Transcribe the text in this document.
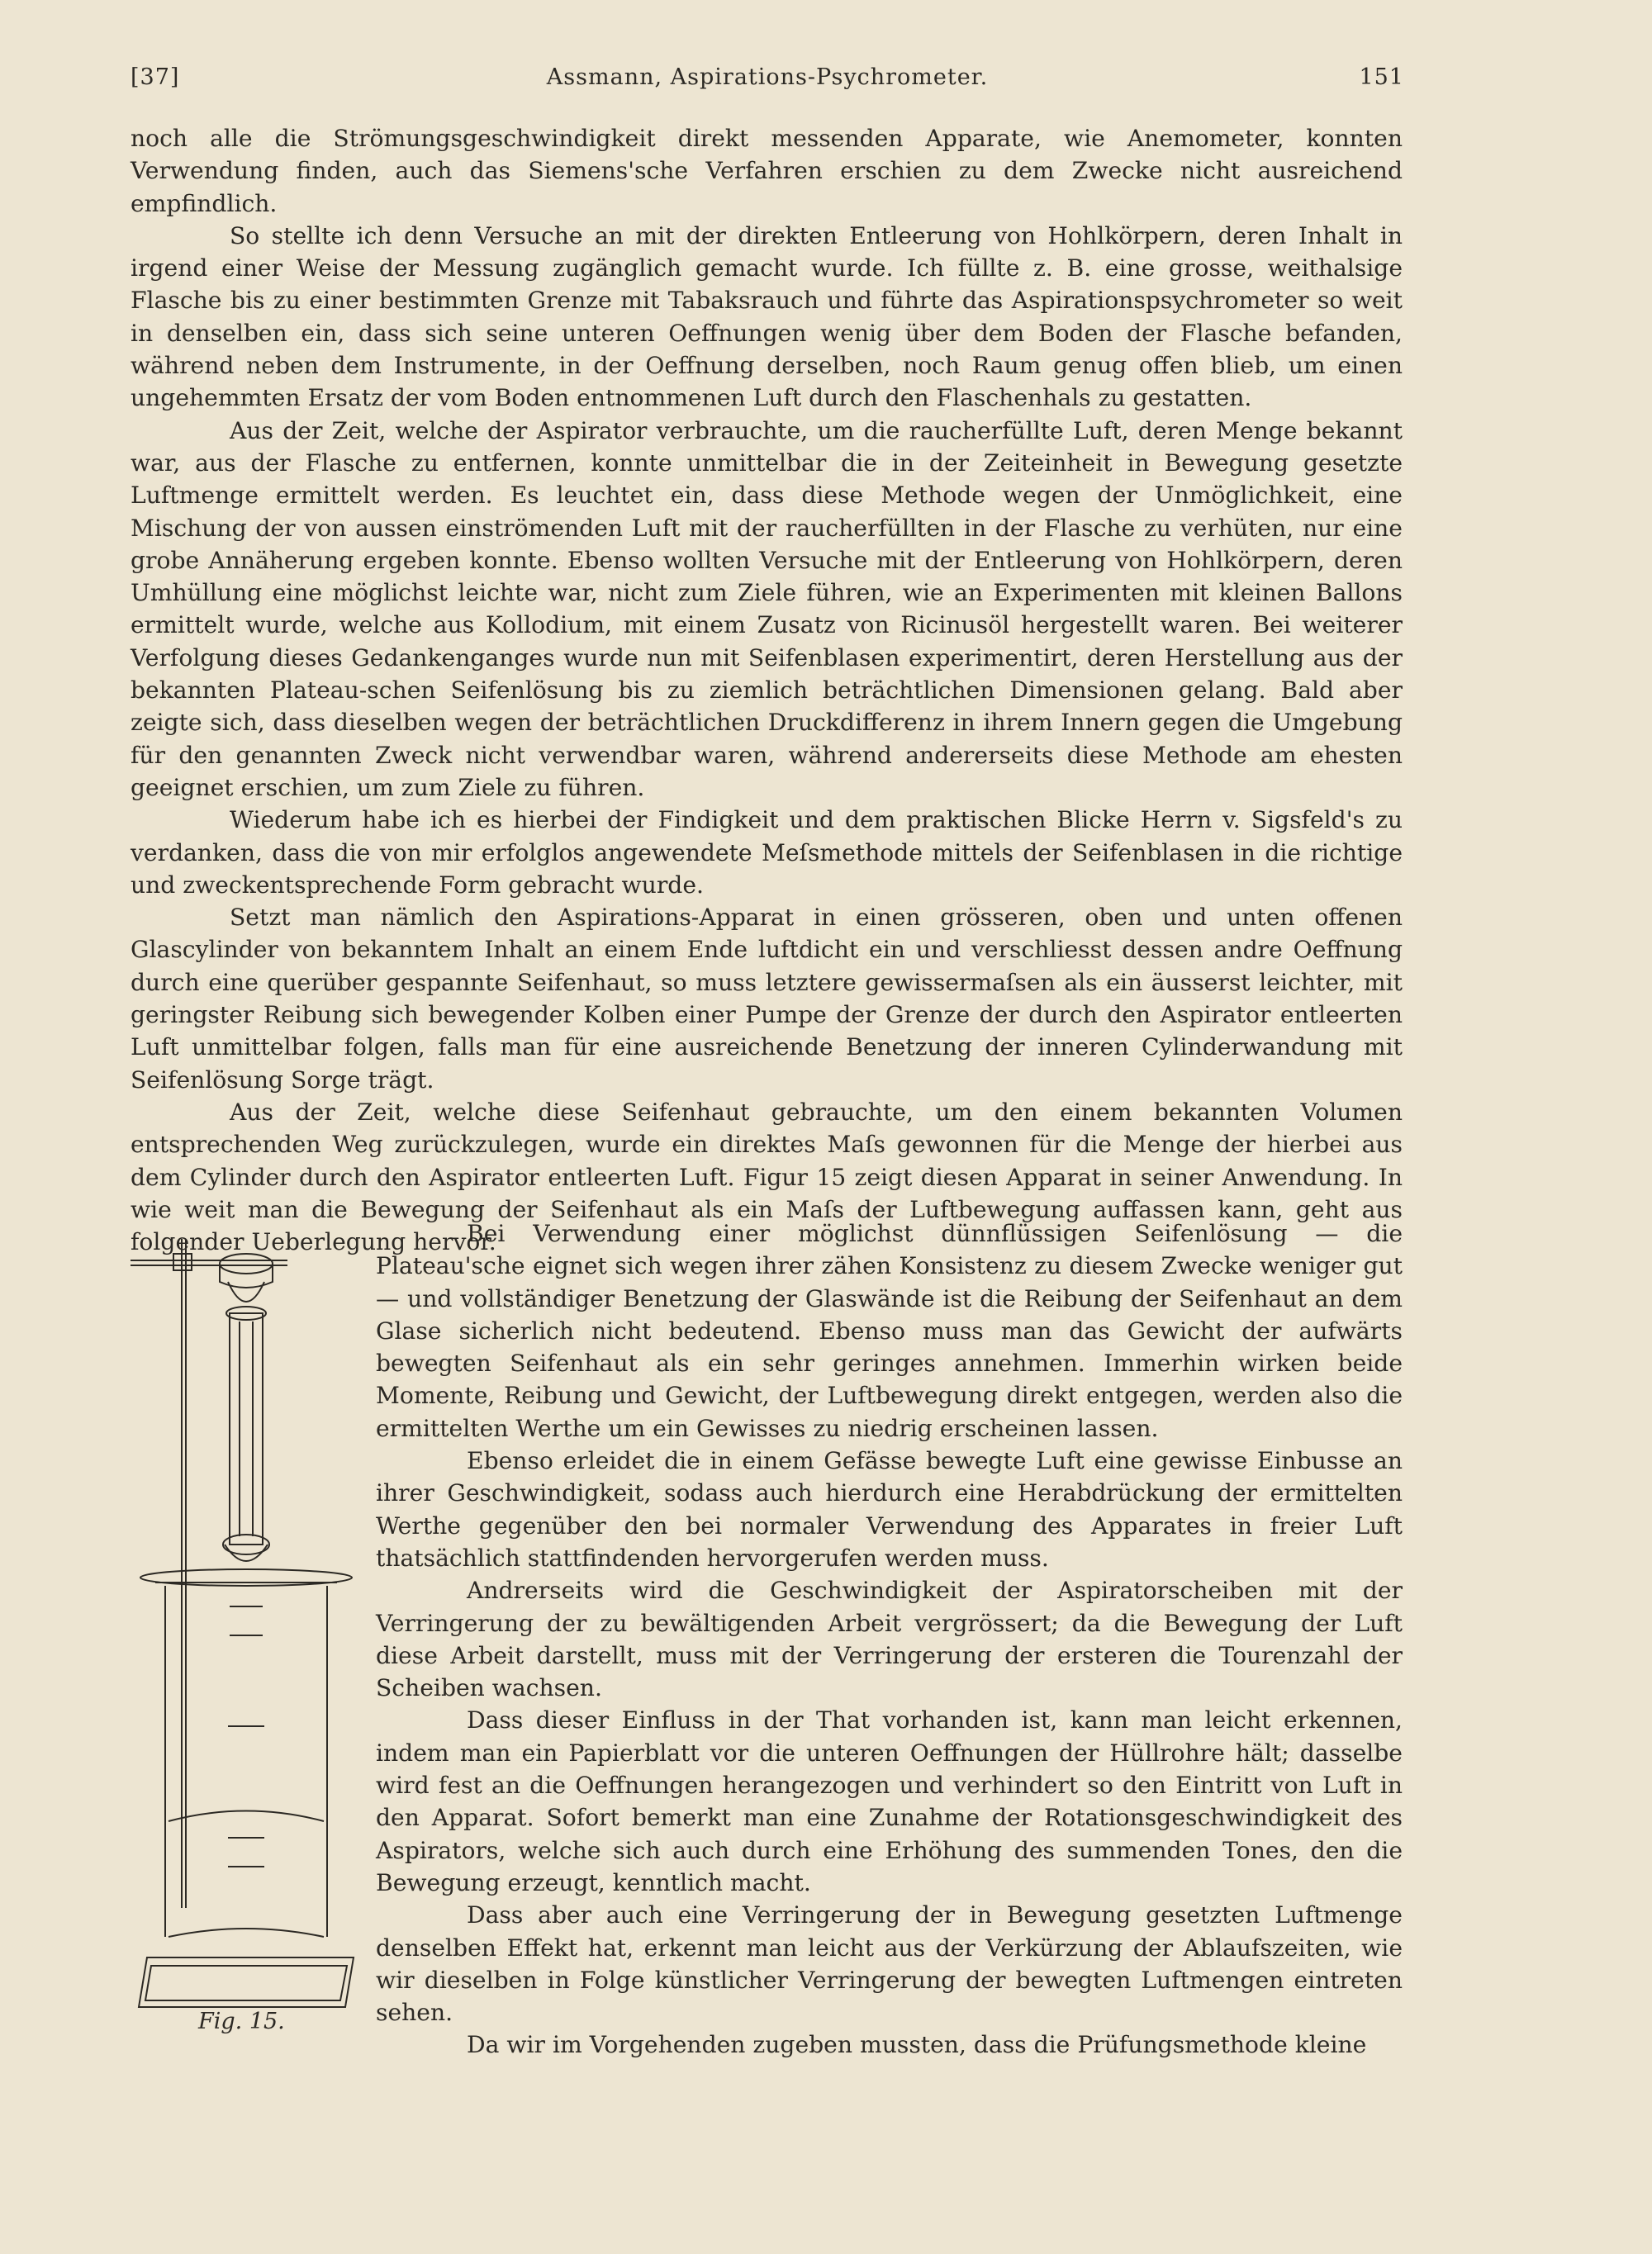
[37]	Assmann, Aspirations-Psychrometer.	151

noch alle die Strömungsgeschwindigkeit direkt messenden Apparate, wie Anemometer, konnten Verwendung finden, auch das Siemens'sche Verfahren erschien zu dem Zwecke nicht ausreichend empfindlich.

So stellte ich denn Versuche an mit der direkten Entleerung von Hohlkörpern, deren Inhalt in irgend einer Weise der Messung zugänglich gemacht wurde. Ich füllte z. B. eine grosse, weithalsige Flasche bis zu einer bestimmten Grenze mit Tabaksrauch und führte das Aspirationspsychrometer so weit in denselben ein, dass sich seine unteren Oeffnungen wenig über dem Boden der Flasche befanden, während neben dem Instrumente, in der Oeffnung derselben, noch Raum genug offen blieb, um einen ungehemmten Ersatz der vom Boden entnommenen Luft durch den Flaschenhals zu gestatten.

Aus der Zeit, welche der Aspirator verbrauchte, um die raucherfüllte Luft, deren Menge bekannt war, aus der Flasche zu entfernen, konnte unmittelbar die in der Zeiteinheit in Bewegung gesetzte Luftmenge ermittelt werden. Es leuchtet ein, dass diese Methode wegen der Unmöglichkeit, eine Mischung der von aussen einströmenden Luft mit der raucherfüllten in der Flasche zu verhüten, nur eine grobe Annäherung ergeben konnte. Ebenso wollten Versuche mit der Entleerung von Hohlkörpern, deren Umhüllung eine möglichst leichte war, nicht zum Ziele führen, wie an Experimenten mit kleinen Ballons ermittelt wurde, welche aus Kollodium, mit einem Zusatz von Ricinusöl hergestellt waren. Bei weiterer Verfolgung dieses Gedankenganges wurde nun mit Seifenblasen experimentirt, deren Herstellung aus der bekannten Plateau-schen Seifenlösung bis zu ziemlich beträchtlichen Dimensionen gelang. Bald aber zeigte sich, dass dieselben wegen der beträchtlichen Druckdifferenz in ihrem Innern gegen die Umgebung für den genannten Zweck nicht verwendbar waren, während andererseits diese Methode am ehesten geeignet erschien, um zum Ziele zu führen.

Wiederum habe ich es hierbei der Findigkeit und dem praktischen Blicke Herrn v. Sigsfeld's zu verdanken, dass die von mir erfolglos angewendete Meſsmethode mittels der Seifenblasen in die richtige und zweckentsprechende Form gebracht wurde.

Setzt man nämlich den Aspirations-Apparat in einen grösseren, oben und unten offenen Glascylinder von bekanntem Inhalt an einem Ende luftdicht ein und verschliesst dessen andre Oeffnung durch eine querüber gespannte Seifenhaut, so muss letztere gewissermaſsen als ein äusserst leichter, mit geringster Reibung sich bewegender Kolben einer Pumpe der Grenze der durch den Aspirator entleerten Luft unmittelbar folgen, falls man für eine ausreichende Benetzung der inneren Cylinderwandung mit Seifenlösung Sorge trägt.

Aus der Zeit, welche diese Seifenhaut gebrauchte, um den einem bekannten Volumen entsprechenden Weg zurückzulegen, wurde ein direktes Maſs gewonnen für die Menge der hierbei aus dem Cylinder durch den Aspirator entleerten Luft. Figur 15 zeigt diesen Apparat in seiner Anwendung. In wie weit man die Bewegung der Seifenhaut als ein Maſs der Luftbewegung auffassen kann, geht aus folgender Ueberlegung hervor.

Bei Verwendung einer möglichst dünnflüssigen Seifenlösung — die Plateau'sche eignet sich wegen ihrer zähen Konsistenz zu diesem Zwecke weniger gut — und vollständiger Benetzung der Glaswände ist die Reibung der Seifenhaut an dem Glase sicherlich nicht bedeutend. Ebenso muss man das Gewicht der aufwärts bewegten Seifenhaut als ein sehr geringes annehmen. Immerhin wirken beide Momente, Reibung und Gewicht, der Luftbewegung direkt entgegen, werden also die ermittelten Werthe um ein Gewisses zu niedrig erscheinen lassen.

Ebenso erleidet die in einem Gefässe bewegte Luft eine gewisse Einbusse an ihrer Geschwindigkeit, sodass auch hierdurch eine Herabdrückung der ermittelten Werthe gegenüber den bei normaler Verwendung des Apparates in freier Luft thatsächlich stattfindenden hervorgerufen werden muss.

Andrerseits wird die Geschwindigkeit der Aspiratorscheiben mit der Verringerung der zu bewältigenden Arbeit vergrössert; da die Bewegung der Luft diese Arbeit darstellt, muss mit der Verringerung der ersteren die Tourenzahl der Scheiben wachsen.

Dass dieser Einfluss in der That vorhanden ist, kann man leicht erkennen, indem man ein Papierblatt vor die unteren Oeffnungen der Hüllrohre hält; dasselbe wird fest an die Oeffnungen herangezogen und verhindert so den Eintritt von Luft in den Apparat. Sofort bemerkt man eine Zunahme der Rotationsgeschwindigkeit des Aspirators, welche sich auch durch eine Erhöhung des summenden Tones, den die Bewegung erzeugt, kenntlich macht.

Dass aber auch eine Verringerung der in Bewegung gesetzten Luftmenge denselben Effekt hat, erkennt man leicht aus der Verkürzung der Ablaufszeiten, wie wir dieselben in Folge künstlicher Verringerung der bewegten Luftmengen eintreten sehen.

Da wir im Vorgehenden zugeben mussten, dass die Prüfungsmethode kleine

Fig. 15.
